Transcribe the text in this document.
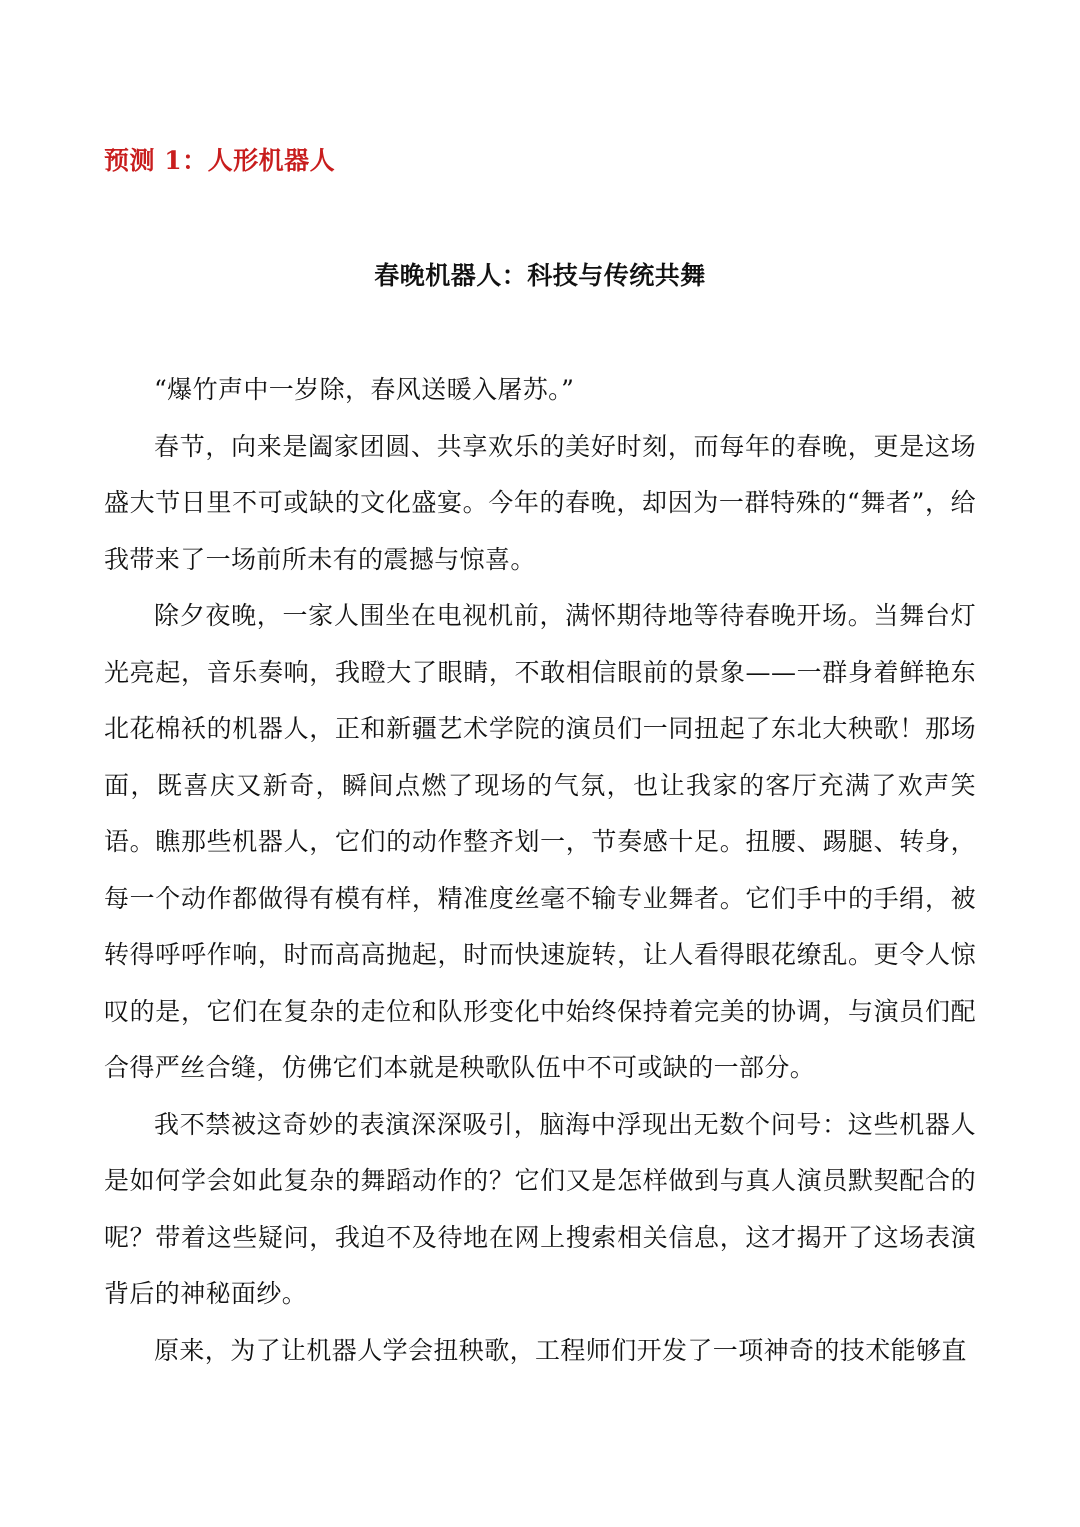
预测 1：人形机器人
春晚机器人：科技与传统共舞

“爆竹声中一岁除，春风送暖入屠苏。”

春节，向来是阖家团圆、共享欢乐的美好时刻，而每年的春晚，更是这场盛大节日里不可或缺的文化盛宴。今年的春晚，却因为一群特殊的“舞者”，给我带来了一场前所未有的震撼与惊喜。

除夕夜晚，一家人围坐在电视机前，满怀期待地等待春晚开场。当舞台灯光亮起，音乐奏响，我瞪大了眼睛，不敢相信眼前的景象——一群身着鲜艳东北花棉袄的机器人，正和新疆艺术学院的演员们一同扭起了东北大秧歌！那场面，既喜庆又新奇，瞬间点燃了现场的气氛，也让我家的客厅充满了欢声笑语。瞧那些机器人，它们的动作整齐划一，节奏感十足。扭腰、踢腿、转身，每一个动作都做得有模有样，精准度丝毫不输专业舞者。它们手中的手绢，被转得呼呼作响，时而高高抛起，时而快速旋转，让人看得眼花缭乱。更令人惊叹的是，它们在复杂的走位和队形变化中始终保持着完美的协调，与演员们配合得严丝合缝，仿佛它们本就是秧歌队伍中不可或缺的一部分。

我不禁被这奇妙的表演深深吸引，脑海中浮现出无数个问号：这些机器人是如何学会如此复杂的舞蹈动作的？它们又是怎样做到与真人演员默契配合的呢？带着这些疑问，我迫不及待地在网上搜索相关信息，这才揭开了这场表演背后的神秘面纱。

原来，为了让机器人学会扭秧歌，工程师们开发了一项神奇的技术能够直
